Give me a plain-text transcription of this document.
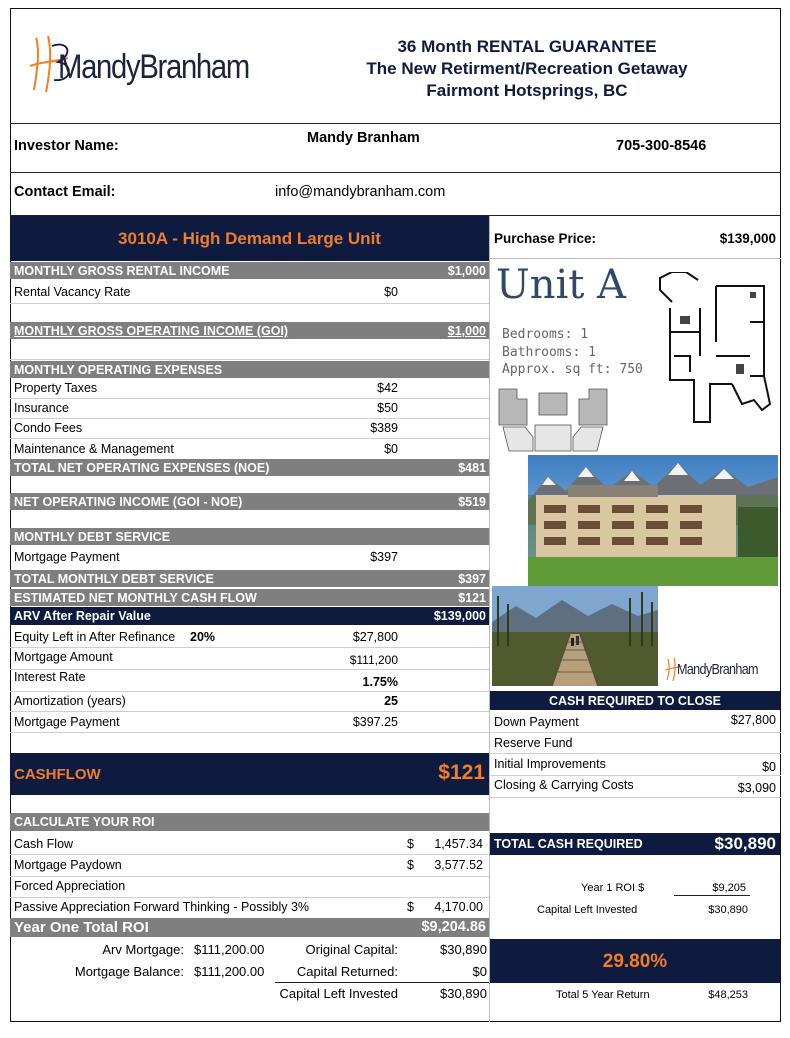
MandyBranham
36 Month RENTAL GUARANTEE
The New Retirment/Recreation Getaway
Fairmont Hotsprings, BC
Investor Name:	Mandy Branham	705-300-8546
Contact Email:	info@mandybranham.com
3010A - High Demand Large Unit
MONTHLY GROSS RENTAL INCOME	$1,000
Rental Vacancy Rate	$0
MONTHLY GROSS OPERATING INCOME (GOI)	$1,000
MONTHLY OPERATING EXPENSES
Property Taxes	$42
Insurance	$50
Condo Fees	$389
Maintenance & Management	$0
TOTAL NET OPERATING EXPENSES (NOE)	$481
NET OPERATING INCOME (GOI - NOE)	$519
MONTHLY DEBT SERVICE
Mortgage Payment	$397
TOTAL MONTHLY DEBT SERVICE	$397
ESTIMATED NET MONTHLY CASH FLOW	$121
ARV After Repair Value	$139,000
Equity Left in After Refinance 20%	$27,800
Mortgage Amount	$111,200
Interest Rate	1.75%
Amortization (years)	25
Mortgage Payment	$397.25
CASHFLOW	$121
CALCULATE YOUR ROI
Cash Flow	$	1,457.34
Mortgage Paydown	$	3,577.52
Forced Appreciation
Passive Appreciation Forward Thinking - Possibly 3%	$	4,170.00
Year One Total ROI	$9,204.86
Arv Mortgage: $111,200.00	Original Capital:	$30,890
Mortgage Balance: $111,200.00	Capital Returned:	$0
Capital Left Invested	$30,890
Purchase Price:	$139,000
Unit A
Bedrooms: 1
Bathrooms: 1
Approx. sq ft: 750
MandyBranham
CASH REQUIRED TO CLOSE
Down Payment	$27,800
Reserve Fund
Initial Improvements	$0
Closing & Carrying Costs	$3,090
TOTAL CASH REQUIRED	$30,890
Year 1 ROI $	$9,205
Capital Left Invested	$30,890
29.80%
Total 5 Year Return	$48,253
